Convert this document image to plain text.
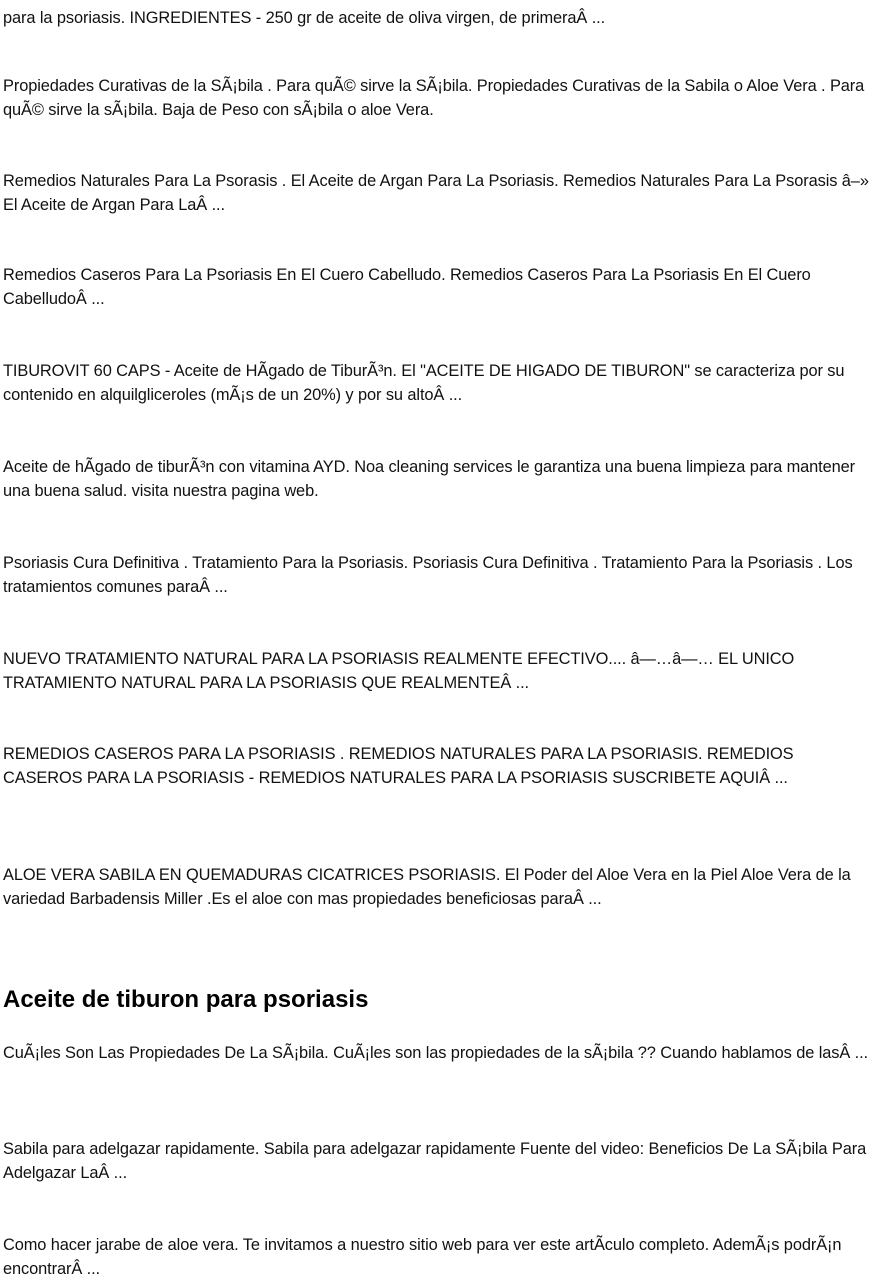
para la psoriasis. INGREDIENTES - 250 gr de aceite de oliva virgen, de primeraÂ ...

Propiedades Curativas de la SÃ¡bila . Para quÃ© sirve la SÃ¡bila. Propiedades Curativas de la Sabila o Aloe Vera . Para quÃ© sirve la sÃ¡bila. Baja de Peso con sÃ¡bila o aloe Vera.

Remedios Naturales Para La Psorasis . El Aceite de Argan Para La Psoriasis. Remedios Naturales Para La Psorasis â–» El Aceite de Argan Para LaÂ ...

Remedios Caseros Para La Psoriasis En El Cuero Cabelludo. Remedios Caseros Para La Psoriasis En El Cuero CabelludoÂ ...

TIBUROVIT 60 CAPS - Aceite de HÃgado de TiburÃ³n. El "ACEITE DE HIGADO DE TIBURON" se caracteriza por su contenido en alquilgliceroles (mÃ¡s de un 20%) y por su altoÂ ...

Aceite de hÃgado de tiburÃ³n con vitamina AYD. Noa cleaning services le garantiza una buena limpieza para mantener una buena salud. visita nuestra pagina web.

Psoriasis Cura Definitiva . Tratamiento Para la Psoriasis. Psoriasis Cura Definitiva . Tratamiento Para la Psoriasis . Los tratamientos comunes paraÂ ...

NUEVO TRATAMIENTO NATURAL PARA LA PSORIASIS REALMENTE EFECTIVO.... â—…â—… EL UNICO TRATAMIENTO NATURAL PARA LA PSORIASIS QUE REALMENTEÂ ...

REMEDIOS CASEROS PARA LA PSORIASIS . REMEDIOS NATURALES PARA LA PSORIASIS. REMEDIOS CASEROS PARA LA PSORIASIS - REMEDIOS NATURALES PARA LA PSORIASIS SUSCRIBETE AQUIÂ ...

ALOE VERA SABILA EN QUEMADURAS CICATRICES PSORIASIS. El Poder del Aloe Vera en la Piel Aloe Vera de la variedad Barbadensis Miller .Es el aloe con mas propiedades beneficiosas paraÂ ...

Aceite de tiburon para psoriasis

CuÃ¡les Son Las Propiedades De La SÃ¡bila. CuÃ¡les son las propiedades de la sÃ¡bila ?? Cuando hablamos de lasÂ ...

Sabila para adelgazar rapidamente. Sabila para adelgazar rapidamente Fuente del video: Beneficios De La SÃ¡bila Para Adelgazar LaÂ ...

Como hacer jarabe de aloe vera. Te invitamos a nuestro sitio web para ver este artÃculo completo. AdemÃ¡s podrÃ¡n encontrarÂ ...
